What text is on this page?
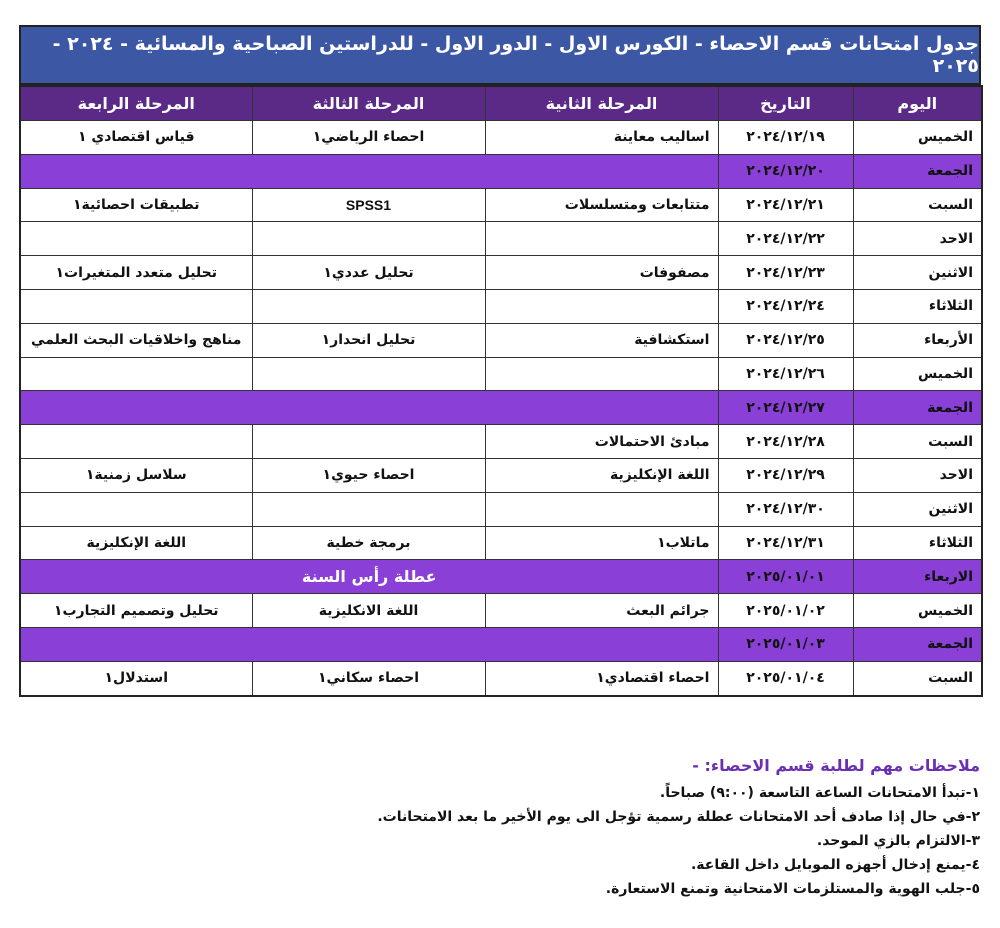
جدول امتحانات قسم الاحصاء - الكورس الاول - الدور الاول - للدراستين الصباحية والمسائية - ٢٠٢٤ - ٢٠٢٥
اليوم	التاريخ	المرحلة الثانية	المرحلة الثالثة	المرحلة الرابعة
الخميس	٢٠٢٤/١٢/١٩	اساليب معاينة	احصاء الرياضي١	قياس اقتصادي ١
الجمعة	٢٠٢٤/١٢/٢٠			
السبت	٢٠٢٤/١٢/٢١	متتابعات ومتسلسلات	SPSS1	تطبيقات احصائية١
الاحد	٢٠٢٤/١٢/٢٢			
الاثنين	٢٠٢٤/١٢/٢٣	مصفوفات	تحليل عددي١	تحليل متعدد المتغيرات١
الثلاثاء	٢٠٢٤/١٢/٢٤			
الأربعاء	٢٠٢٤/١٢/٢٥	استكشافية	تحليل انحدار١	مناهج واخلاقيات البحث العلمي
الخميس	٢٠٢٤/١٢/٢٦			
الجمعة	٢٠٢٤/١٢/٢٧			
السبت	٢٠٢٤/١٢/٢٨	مبادئ الاحتمالات		
الاحد	٢٠٢٤/١٢/٢٩	اللغة الإنكليزية	احصاء حيوي١	سلاسل زمنية١
الاثنين	٢٠٢٤/١٢/٣٠			
الثلاثاء	٢٠٢٤/١٢/٣١	ماتلاب١	برمجة خطية	اللغة الإنكليزية
الاربعاء	٢٠٢٥/٠١/٠١	عطلة رأس السنة		
الخميس	٢٠٢٥/٠١/٠٢	جرائم البعث	اللغة الانكليزية	تحليل وتصميم التجارب١
الجمعة	٢٠٢٥/٠١/٠٣			
السبت	٢٠٢٥/٠١/٠٤	احصاء اقتصادي١	احصاء سكاني١	استدلال١
ملاحظات مهم لطلبة قسم الاحصاء: -
١-تبدأ الامتحانات الساعة التاسعة (٩:٠٠) صباحاً.
٢-في حال إذا صادف أحد الامتحانات عطلة رسمية تؤجل الى يوم الأخير ما بعد الامتحانات.
٣-الالتزام بالزي الموحد.
٤-يمنع إدخال أجهزه الموبايل داخل القاعة.
٥-جلب الهوية والمستلزمات الامتحانية وتمنع الاستعارة.
